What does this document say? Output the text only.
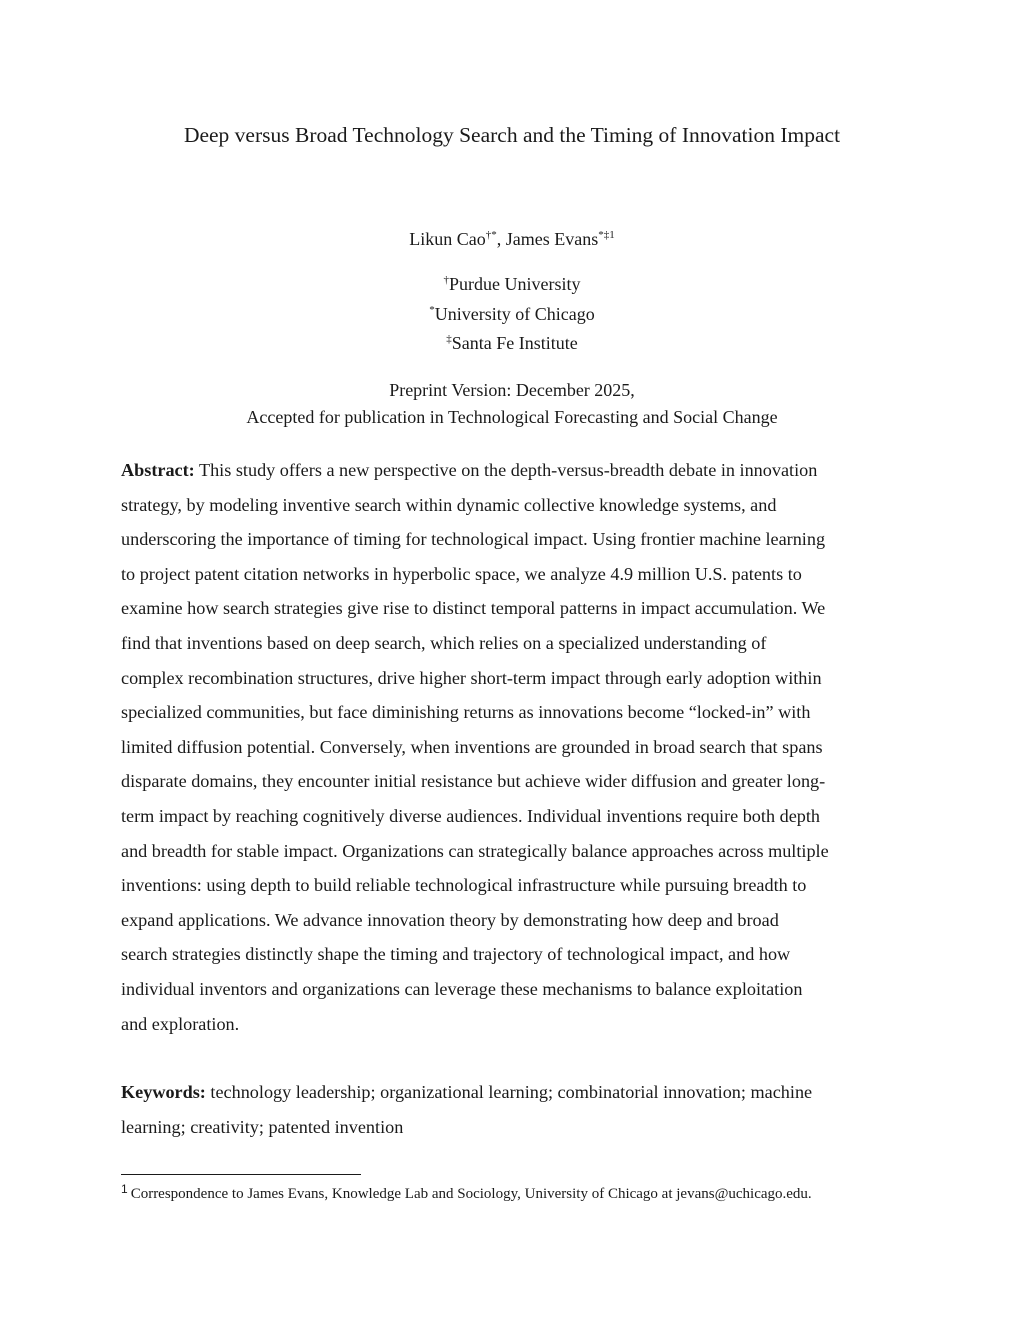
Deep versus Broad Technology Search and the Timing of Innovation Impact
Likun Cao†*, James Evans$^{*\ddagger 1}$
†Purdue University
*University of Chicago
‡Santa Fe Institute
Preprint Version: December 2025,
Accepted for publication in Technological Forecasting and Social Change
Abstract: This study offers a new perspective on the depth-versus-breadth debate in innovation
strategy, by modeling inventive search within dynamic collective knowledge systems, and
underscoring the importance of timing for technological impact. Using frontier machine learning
to project patent citation networks in hyperbolic space, we analyze 4.9 million U.S. patents to
examine how search strategies give rise to distinct temporal patterns in impact accumulation. We
find that inventions based on deep search, which relies on a specialized understanding of
complex recombination structures, drive higher short-term impact through early adoption within
specialized communities, but face diminishing returns as innovations become “locked-in” with
limited diffusion potential. Conversely, when inventions are grounded in broad search that spans
disparate domains, they encounter initial resistance but achieve wider diffusion and greater long-
term impact by reaching cognitively diverse audiences. Individual inventions require both depth
and breadth for stable impact. Organizations can strategically balance approaches across multiple
inventions: using depth to build reliable technological infrastructure while pursuing breadth to
expand applications. We advance innovation theory by demonstrating how deep and broad
search strategies distinctly shape the timing and trajectory of technological impact, and how
individual inventors and organizations can leverage these mechanisms to balance exploitation
and exploration.
Keywords: technology leadership; organizational learning; combinatorial innovation; machine
learning; creativity; patented invention
$^1$ Correspondence to James Evans, Knowledge Lab and Sociology, University of Chicago at jevans@uchicago.edu.
